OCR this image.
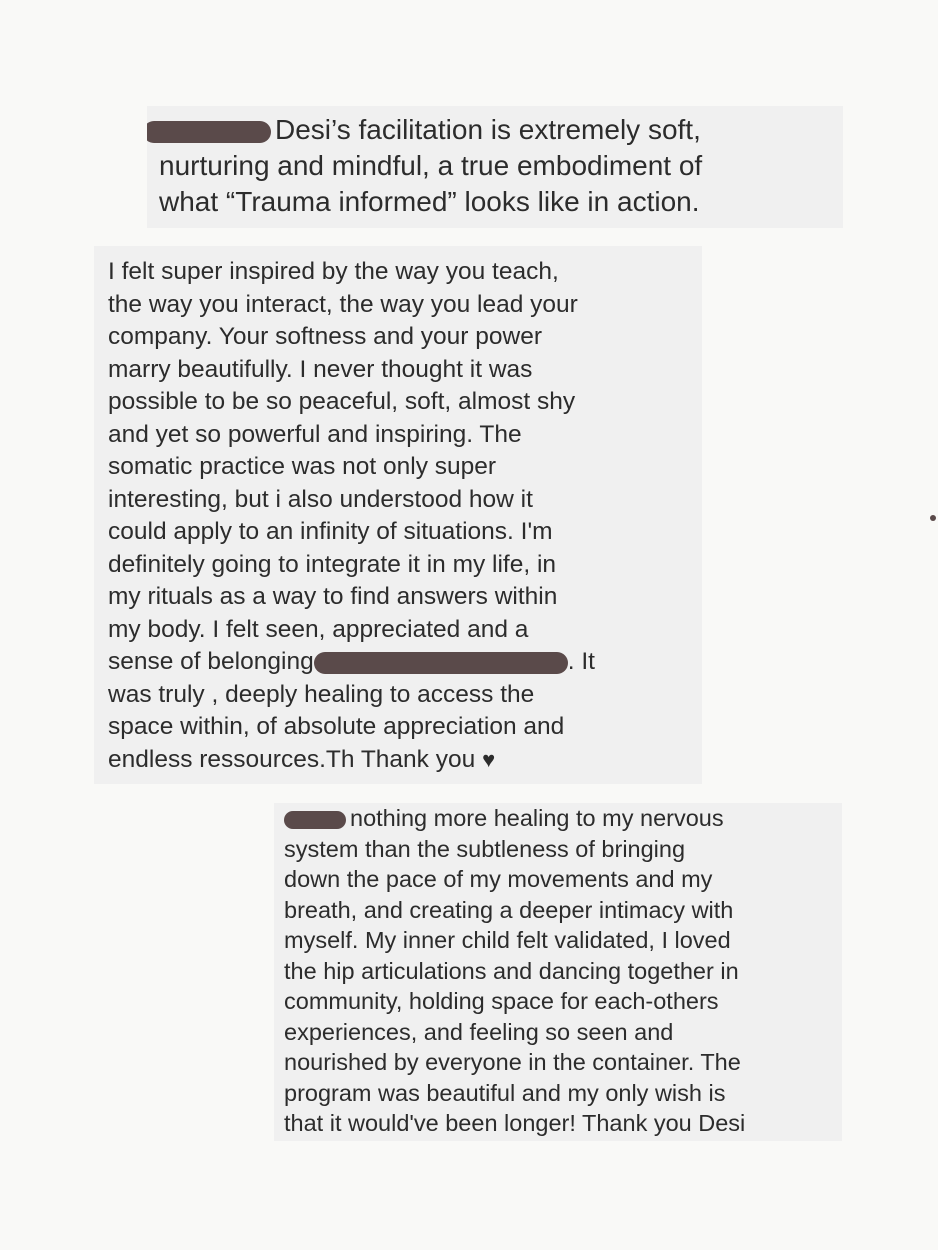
Desi’s facilitation is extremely soft,
nurturing and mindful, a true embodiment of
what “Trauma informed” looks like in action.
I felt super inspired by the way you teach,
the way you interact, the way you lead your
company. Your softness and your power
marry beautifully. I never thought it was
possible to be so peaceful, soft, almost shy
and yet so powerful and inspiring. The
somatic practice was not only super
interesting, but i also understood how it
could apply to an infinity of situations. I'm
definitely going to integrate it in my life, in
my rituals as a way to find answers within
my body. I felt seen, appreciated and a
sense of belonging	. It
was truly , deeply healing to access the
space within, of absolute appreciation and
endless ressources.Th Thank you ♥
nothing more healing to my nervous
system than the subtleness of bringing
down the pace of my movements and my
breath, and creating a deeper intimacy with
myself. My inner child felt validated, I loved
the hip articulations and dancing together in
community, holding space for each-others
experiences, and feeling so seen and
nourished by everyone in the container. The
program was beautiful and my only wish is
that it would've been longer! Thank you Desi
